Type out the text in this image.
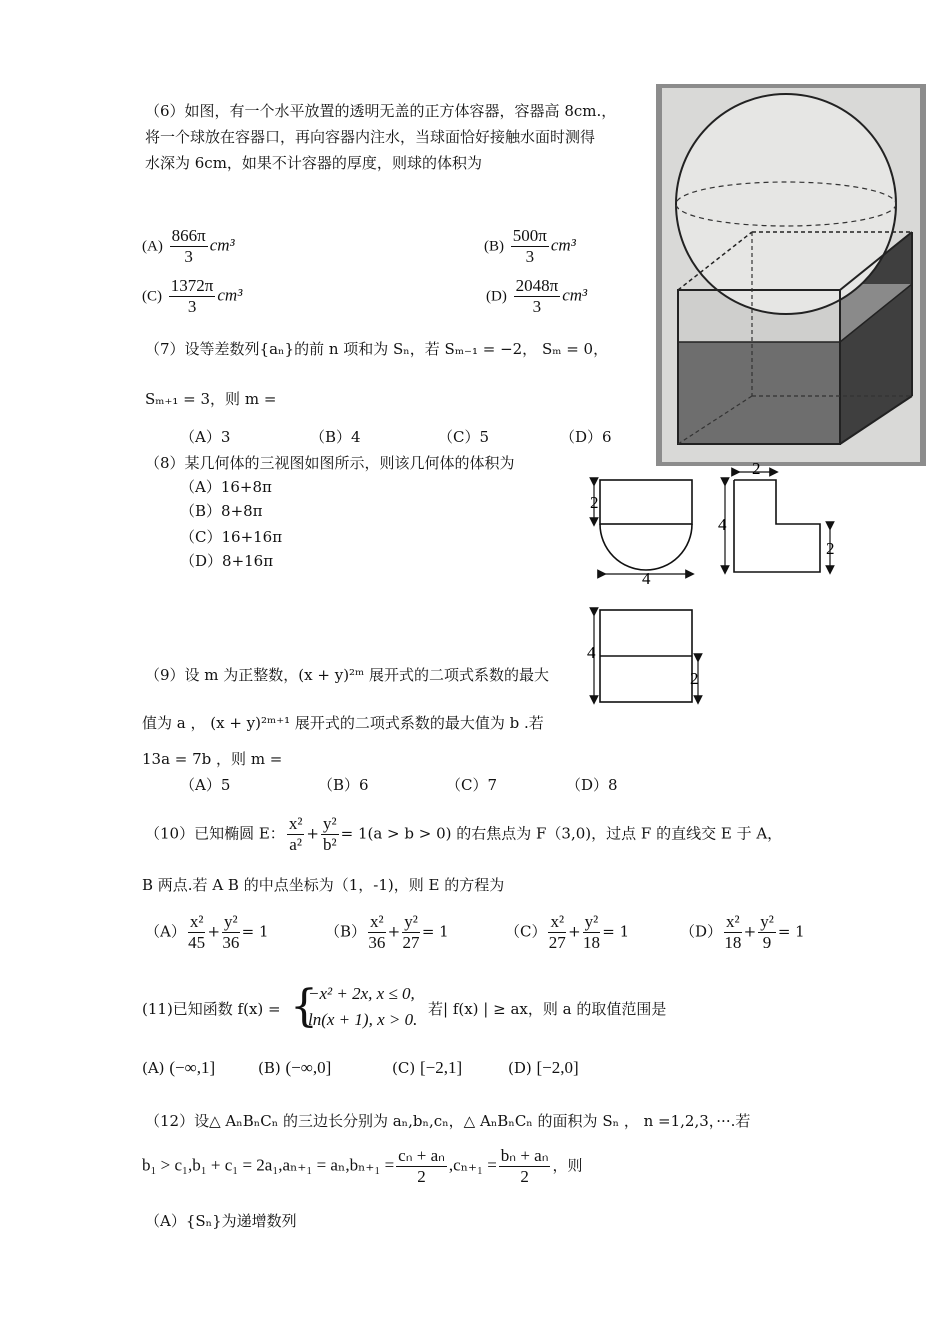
（6）如图，有一个水平放置的透明无盖的正方体容器，容器高 8cm.，
将一个球放在容器口，再向容器内注水，当球面恰好接触水面时测得
水深为 6cm，如果不计容器的厚度，则球的体积为
$(A) \frac{866\pi}{3} cm^3$	$(B) \frac{500\pi}{3} cm^3$
$(C) \frac{1372\pi}{3} cm^3$	$(D) \frac{2048\pi}{3} cm^3$
（7）设等差数列{aₙ}的前 n 项和为 Sₙ，若 Sₘ₋₁ = −2， Sₘ = 0，
Sₘ₊₁ = 3，则 m =
（A）3	（B）4	（C）5	（D）6
（8）某几何体的三视图如图所示，则该几何体的体积为
（A）16+8π
（B）8+8π
（C）16+16π
（D）8+16π
2
4
2
4
2
4
2
（9）设 m 为正整数，(x + y)²ᵐ 展开式的二项式系数的最大
值为 a ， (x + y)²ᵐ⁺¹ 展开式的二项式系数的最大值为 b .若
13a = 7b ，则 m =
（A）5	（B）6	（C）7	（D）8
（10）已知椭圆 E： $\frac{\text{x²}}{\text{a²}} + \frac{\text{y²}}{\text{b²}} = 1(a > b > 0)$ 的右焦点为 F（3,0)，过点 F 的直线交 E 于 A，
B 两点.若 A B 的中点坐标为（1，-1)，则 E 的方程为
$(A) \frac{\text{x²}}{45} + \frac{\text{y²}}{36} = 1$	$(B) \frac{\text{x²}}{36} + \frac{\text{y²}}{27} = 1$	$(C) \frac{\text{x²}}{27} + \frac{\text{y²}}{18} = 1$	$(D) \frac{\text{x²}}{18} + \frac{\text{y²}}{9} = 1$
(11)已知函数 f(x) = {
−x² + 2x, x ≤ 0,
ln(x + 1), x > 0.
若| f(x) | ≥ ax，则 a 的取值范围是
(A) (−∞,1]	(B) (−∞,0]	(C) [−2,1]	(D) [−2,0]
（12）设△ AₙBₙCₙ 的三边长分别为 aₙ,bₙ,cₙ，△ AₙBₙCₙ 的面积为 Sₙ ， n =1,2,3，···.若
$b_1 > c_1,b_1 + c_1 = 2a_1,a_{n+1} = a_n,b_{n+1} = \frac{\text{cₙ + aₙ}}{2} ,c_{n+1} = \frac{\text{bₙ + aₙ}}{2}$ ，则
（A）{Sₙ}为递增数列
